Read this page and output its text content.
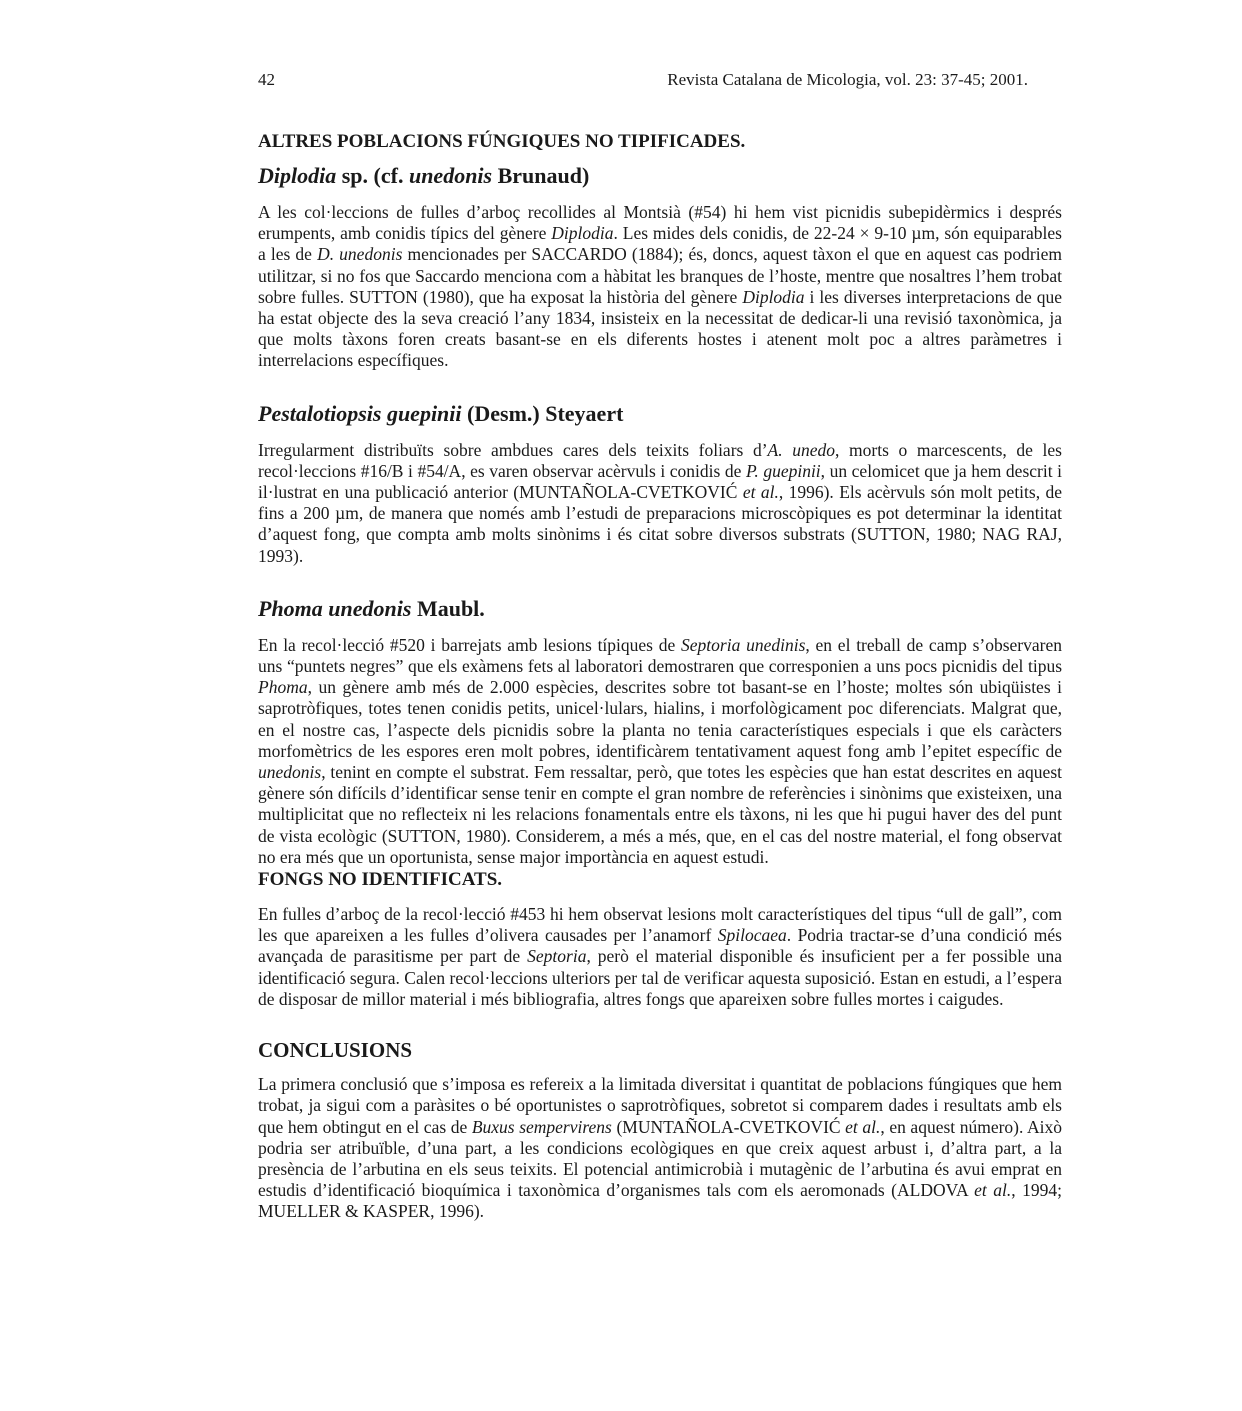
42	Revista Catalana de Micologia, vol. 23: 37-45; 2001.
ALTRES POBLACIONS FÚNGIQUES NO TIPIFICADES.
Diplodia sp. (cf. unedonis Brunaud)

A les col·leccions de fulles d’arboç recollides al Montsià (#54) hi hem vist picnidis subepidèrmics i després erumpents, amb conidis típics del gènere Diplodia. Les mides dels conidis, de 22-24 × 9-10 µm, són equiparables a les de D. unedonis mencionades per SACCARDO (1884); és, doncs, aquest tàxon el que en aquest cas podriem utilitzar, si no fos que Saccardo menciona com a hàbitat les branques de l’hoste, mentre que nosaltres l’hem trobat sobre fulles. SUTTON (1980), que ha exposat la història del gènere Diplodia i les diverses interpretacions de que ha estat objecte des la seva creació l’any 1834, insisteix en la necessitat de dedicar-li una revisió taxonòmica, ja que molts tàxons foren creats basant-se en els diferents hostes i atenent molt poc a altres paràmetres i interrelacions específiques.

Pestalotiopsis guepinii (Desm.) Steyaert

Irregularment distribuïts sobre ambdues cares dels teixits foliars d’A. unedo, morts o marcescents, de les recol·leccions #16/B i #54/A, es varen observar acèrvuls i conidis de P. guepinii, un celomicet que ja hem descrit i il·lustrat en una publicació anterior (MUNTAÑOLA-CVETKOVIĆ et al., 1996). Els acèrvuls són molt petits, de fins a 200 µm, de manera que només amb l’estudi de preparacions microscòpiques es pot determinar la identitat d’aquest fong, que compta amb molts sinònims i és citat sobre diversos substrats (SUTTON, 1980; NAG RAJ, 1993).

Phoma unedonis Maubl.

En la recol·lecció #520 i barrejats amb lesions típiques de Septoria unedinis, en el treball de camp s’observaren uns “puntets negres” que els exàmens fets al laboratori demostraren que corresponien a uns pocs picnidis del tipus Phoma, un gènere amb més de 2.000 espècies, descrites sobre tot basant-se en l’hoste; moltes són ubiqüistes i saprotròfiques, totes tenen conidis petits, unicel·lulars, hialins, i morfològicament poc diferenciats. Malgrat que, en el nostre cas, l’aspecte dels picnidis sobre la planta no tenia característiques especials i que els caràcters morfomètrics de les espores eren molt pobres, identificàrem tentativament aquest fong amb l’epitet específic de unedonis, tenint en compte el substrat. Fem ressaltar, però, que totes les espècies que han estat descrites en aquest gènere són difícils d’identificar sense tenir en compte el gran nombre de referències i sinònims que existeixen, una multiplicitat que no reflecteix ni les relacions fonamentals entre els tàxons, ni les que hi pugui haver des del punt de vista ecològic (SUTTON, 1980). Considerem, a més a més, que, en el cas del nostre material, el fong observat no era més que un oportunista, sense major importància en aquest estudi.

FONGS NO IDENTIFICATS.

En fulles d’arboç de la recol·lecció #453 hi hem observat lesions molt característiques del tipus “ull de gall”, com les que apareixen a les fulles d’olivera causades per l’anamorf Spilocaea. Podria tractar-se d’una condició més avançada de parasitisme per part de Septoria, però el material disponible és insuficient per a fer possible una identificació segura. Calen recol·leccions ulteriors per tal de verificar aquesta suposició. Estan en estudi, a l’espera de disposar de millor material i més bibliografia, altres fongs que apareixen sobre fulles mortes i caigudes.

CONCLUSIONS

La primera conclusió que s’imposa es refereix a la limitada diversitat i quantitat de poblacions fúngiques que hem trobat, ja sigui com a paràsites o bé oportunistes o saprotròfiques, sobretot si comparem dades i resultats amb els que hem obtingut en el cas de Buxus sempervirens (MUNTAÑOLA-CVETKOVIĆ et al., en aquest número). Això podria ser atribuïble, d’una part, a les condicions ecològiques en que creix aquest arbust i, d’altra part, a la presència de l’arbutina en els seus teixits. El potencial antimicrobià i mutagènic de l’arbutina és avui emprat en estudis d’identificació bioquímica i taxonòmica d’organismes tals com els aeromonads (ALDOVA et al., 1994; MUELLER & KASPER, 1996).
